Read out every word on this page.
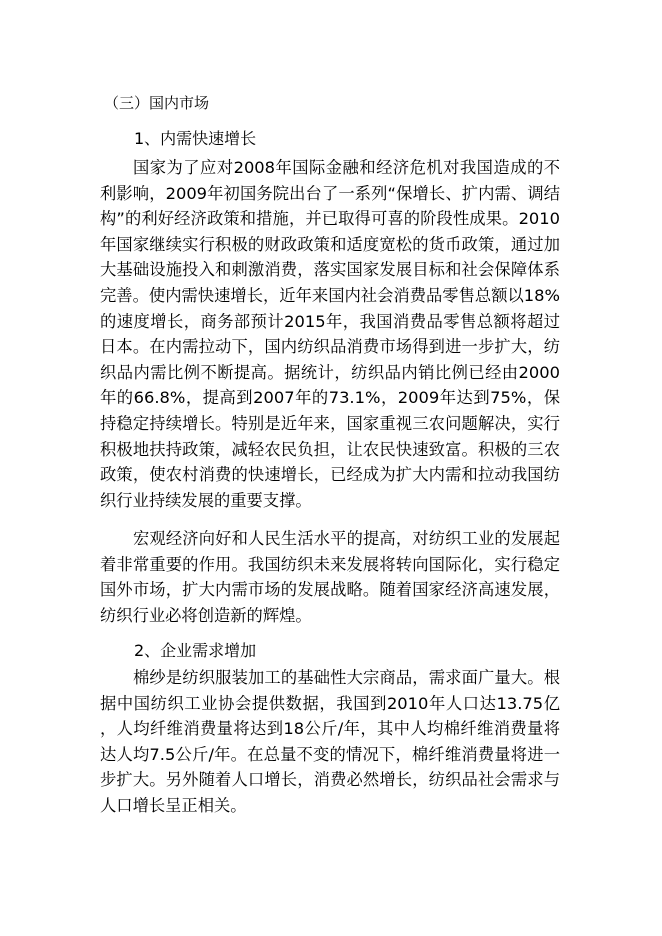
（三）国内市场
1、内需快速增长

国家为了应对2008年国际金融和经济危机对我国造成的不利影响，2009年初国务院出台了一系列“保增长、扩内需、调结构”的利好经济政策和措施，并已取得可喜的阶段性成果。2010年国家继续实行积极的财政政策和适度宽松的货币政策，通过加大基础设施投入和刺激消费，落实国家发展目标和社会保障体系完善。使内需快速增长，近年来国内社会消费品零售总额以18%的速度增长，商务部预计2015年，我国消费品零售总额将超过日本。在内需拉动下，国内纺织品消费市场得到进一步扩大，纺织品内需比例不断提高。据统计，纺织品内销比例已经由2000年的66.8%，提高到2007年的73.1%，2009年达到75%，保持稳定持续增长。特别是近年来，国家重视三农问题解决，实行积极地扶持政策，减轻农民负担，让农民快速致富。积极的三农政策，使农村消费的快速增长，已经成为扩大内需和拉动我国纺织行业持续发展的重要支撑。

宏观经济向好和人民生活水平的提高，对纺织工业的发展起着非常重要的作用。我国纺织未来发展将转向国际化，实行稳定国外市场，扩大内需市场的发展战略。随着国家经济高速发展，纺织行业必将创造新的辉煌。

2、企业需求增加

棉纱是纺织服装加工的基础性大宗商品，需求面广量大。根据中国纺织工业协会提供数据，我国到2010年人口达13.75亿，人均纤维消费量将达到18公斤/年，其中人均棉纤维消费量将达人均7.5公斤/年。在总量不变的情况下，棉纤维消费量将进一步扩大。另外随着人口增长，消费必然增长，纺织品社会需求与人口增长呈正相关。
